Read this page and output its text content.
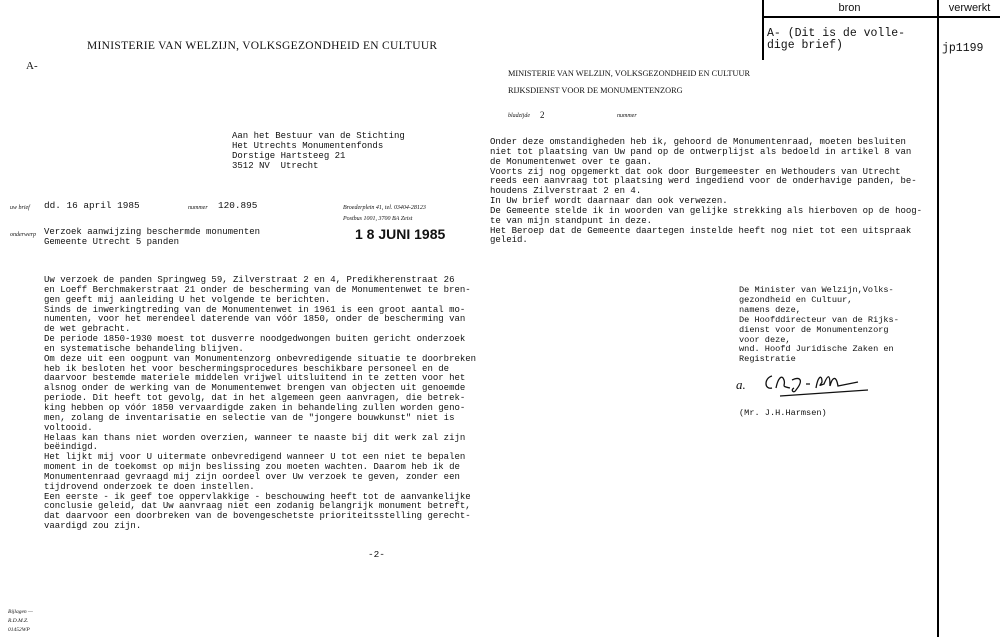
MINISTERIE VAN WELZIJN, VOLKSGEZONDHEID EN CULTUUR
A-
Aan het Bestuur van de Stichting
Het Utrechts Monumentenfonds
Dorstige Hartsteeg 21
3512 NV  Utrecht
uw brief dd. 16 april 1985	nummer 120.895	Broederplein 41, tel. 03404-28123
Postbus 1001, 3700 BA Zeist
1 8 JUNI 1985
onderwerp Verzoek aanwijzing beschermde monumenten
Gemeente Utrecht 5 panden
Uw verzoek de panden Springweg 59, Zilverstraat 2 en 4, Predikherenstraat 26
en Loeff Berchmakerstraat 21 onder de bescherming van de Monumentenwet te bren-
gen geeft mij aanleiding U het volgende te berichten.
Sinds de inwerkingtreding van de Monumentenwet in 1961 is een groot aantal mo-
numenten, voor het merendeel daterende van vóór 1850, onder de bescherming van
de wet gebracht.
De periode 1850-1930 moest tot dusverre noodgedwongen buiten gericht onderzoek
en systematische behandeling blijven.
Om deze uit een oogpunt van Monumentenzorg onbevredigende situatie te doorbreken
heb ik besloten het voor beschermingsprocedures beschikbare personeel en de
daarvoor bestemde materiele middelen vrijwel uitsluitend in te zetten voor het
alsnog onder de werking van de Monumentenwet brengen van objecten uit genoemde
periode. Dit heeft tot gevolg, dat in het algemeen geen aanvragen, die betrek-
king hebben op vóór 1850 vervaardigde zaken in behandeling zullen worden geno-
men, zolang de inventarisatie en selectie van de "jongere bouwkunst" niet is
voltooid.
Helaas kan thans niet worden overzien, wanneer te naaste bij dit werk zal zijn
beëindigd.
Het lijkt mij voor U uitermate onbevredigend wanneer U tot een niet te bepalen
moment in de toekomst op mijn beslissing zou moeten wachten. Daarom heb ik de
Monumentenraad gevraagd mij zijn oordeel over Uw verzoek te geven, zonder een
tijdrovend onderzoek te doen instellen.
Een eerste - ik geef toe oppervlakkige - beschouwing heeft tot de aanvankelijke
conclusie geleid, dat Uw aanvraag niet een zodanig belangrijk monument betreft,
dat daarvoor een doorbreken van de bovengeschetste prioriteitsstelling gerecht-
vaardigd zou zijn.
-2-
Bijlagen —
R.D.M.Z.
01452WP
MINISTERIE VAN WELZIJN, VOLKSGEZONDHEID EN CULTUUR
RIJKSDIENST VOOR DE MONUMENTENZORG
bladzijde 2	nummer
Onder deze omstandigheden heb ik, gehoord de Monumentenraad, moeten besluiten
niet tot plaatsing van Uw pand op de ontwerplijst als bedoeld in artikel 8 van
de Monumentenwet over te gaan.
Voorts zij nog opgemerkt dat ook door Burgemeester en Wethouders van Utrecht
reeds een aanvraag tot plaatsing werd ingediend voor de onderhavige panden, be-
houdens Zilverstraat 2 en 4.
In Uw brief wordt daarnaar dan ook verwezen.
De Gemeente stelde ik in woorden van gelijke strekking als hierboven op de hoog-
te van mijn standpunt in deze.
Het Beroep dat de Gemeente daartegen instelde heeft nog niet tot een uitspraak
geleid.
De Minister van Welzijn,Volks-
gezondheid en Cultuur,
namens deze,
De Hoofddirecteur van de Rijks-
dienst voor de Monumentenzorg
voor deze,
wnd. Hoofd Juridische Zaken en
Registratie
a.
(Mr. J.H.Harmsen)
bron	verwerkt
A- (Dit is de volle-
dige brief)	jp1199
